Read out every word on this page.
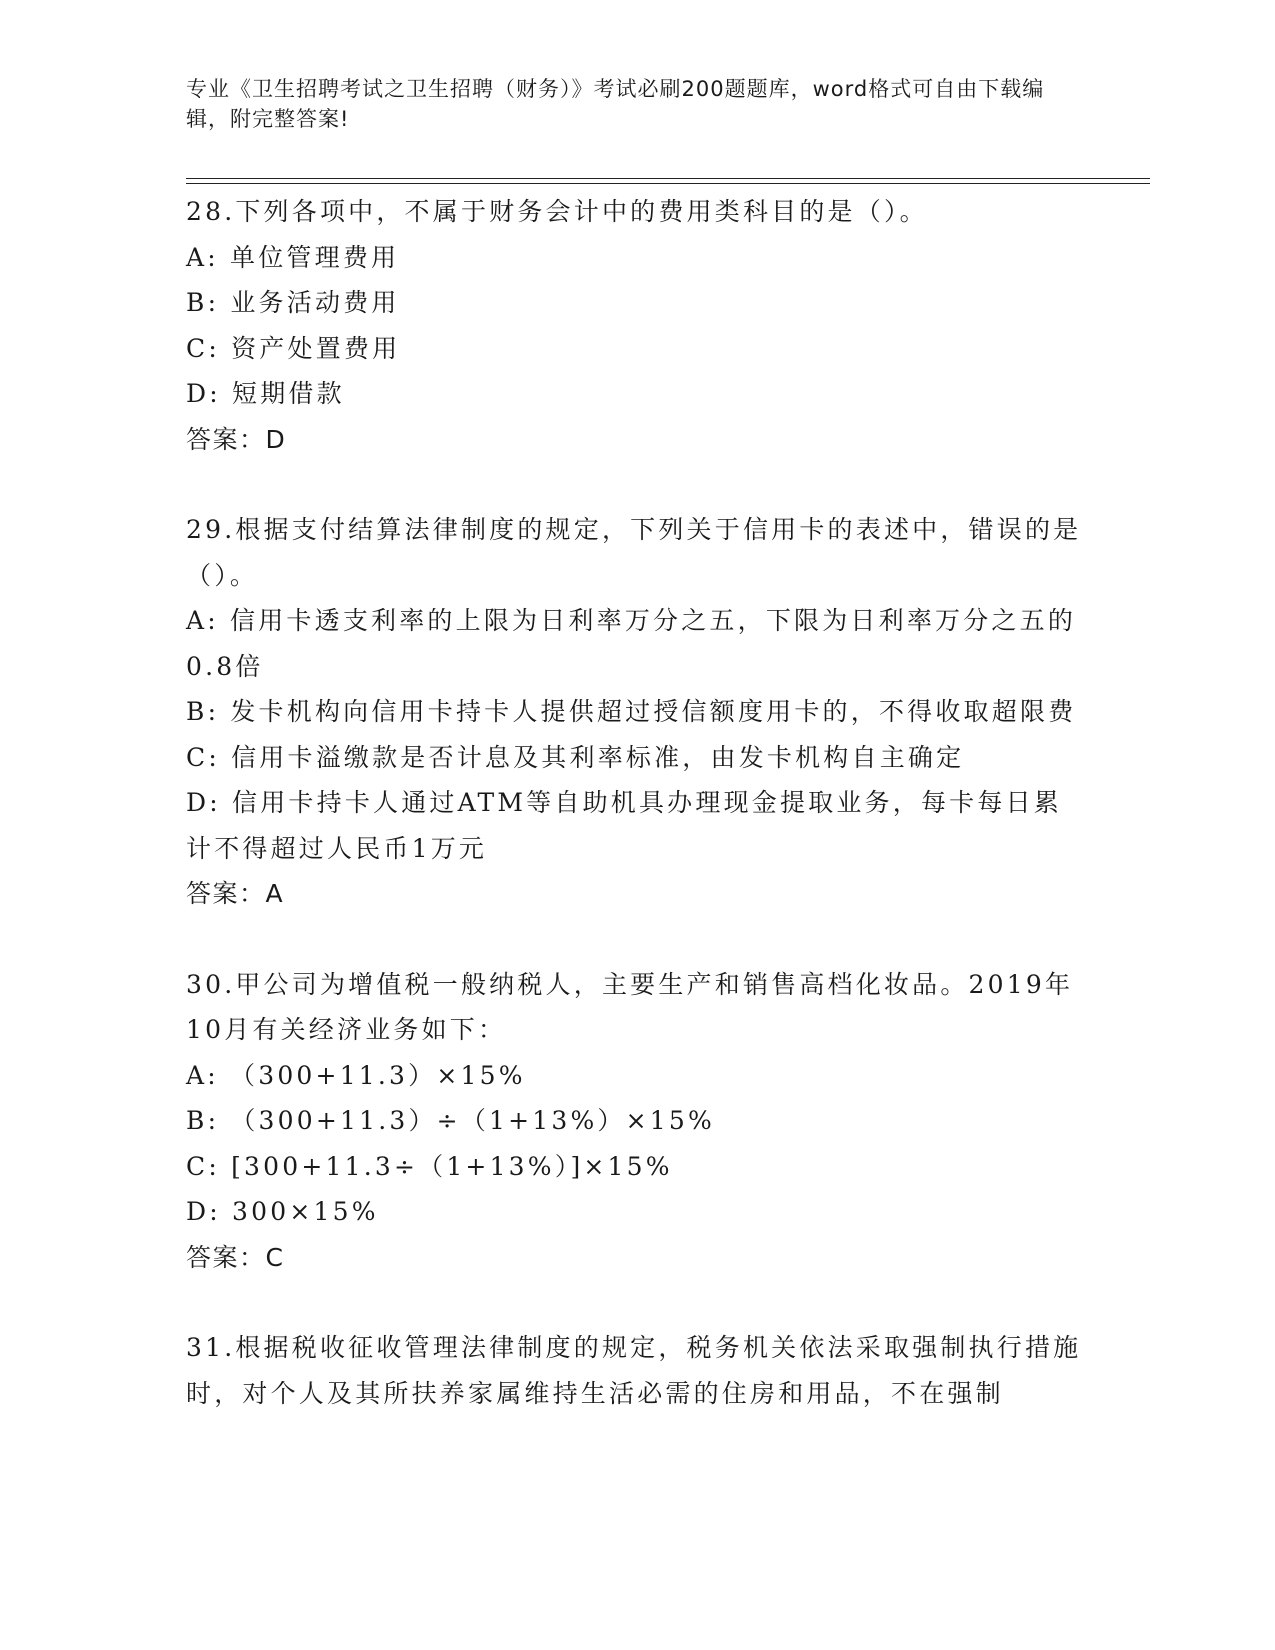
专业《卫生招聘考试之卫生招聘（财务）》考试必刷200题题库，word格式可自由下载编辑，附完整答案!

28.下列各项中，不属于财务会计中的费用类科目的是（）。

A: 单位管理费用

B: 业务活动费用

C: 资产处置费用

D: 短期借款

答案：D

29.根据支付结算法律制度的规定，下列关于信用卡的表述中，错误的是（）。

A: 信用卡透支利率的上限为日利率万分之五，下限为日利率万分之五的0.8倍

B: 发卡机构向信用卡持卡人提供超过授信额度用卡的，不得收取超限费

C: 信用卡溢缴款是否计息及其利率标准，由发卡机构自主确定

D: 信用卡持卡人通过ATM等自助机具办理现金提取业务，每卡每日累计不得超过人民币1万元

答案：A

30.甲公司为增值税一般纳税人，主要生产和销售高档化妆品。2019年10月有关经济业务如下：

A: （300+11.3）×15%

B: （300+11.3）÷（1+13%）×15%

C: [300+11.3÷（1+13%）]×15%

D: 300×15%

答案：C

31.根据税收征收管理法律制度的规定，税务机关依法采取强制执行措施时，对个人及其所扶养家属维持生活必需的住房和用品，不在强制
